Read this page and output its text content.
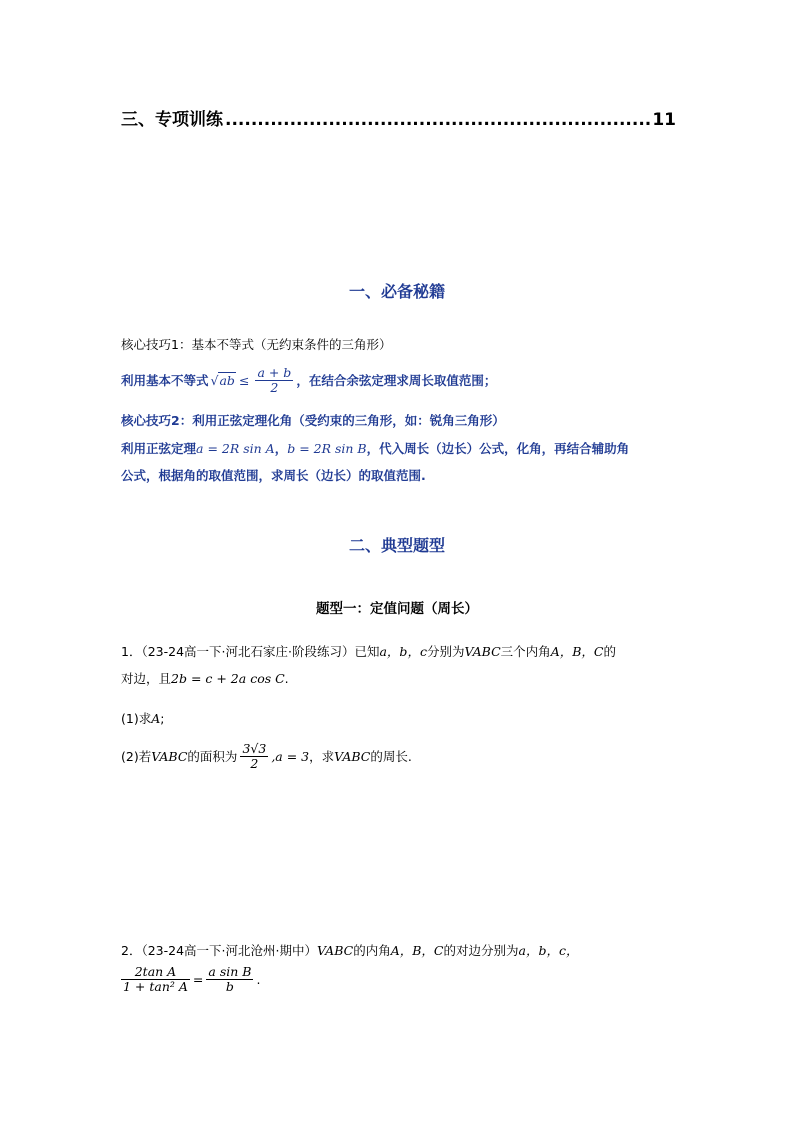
三、专项训练
.....	11
一、必备秘籍
核心技巧1：基本不等式（无约束条件的三角形）
利用基本不等式 $√ab \le \frac{a + b}{2}$ ，在结合余弦定理求周长取值范围；
核心技巧2：利用正弦定理化角（受约束的三角形，如：锐角三角形）
利用正弦定理a = 2R sin A，b = 2R sin B，代入周长（边长）公式，化角，再结合辅助角
公式，根据角的取值范围，求周长（边长）的取值范围.
二、典型题型
题型一：定值问题（周长）
1．（23-24高一下·河北石家庄·阶段练习）已知a，b，c分别为VABC三个内角A，B，C的
对边，且2b = c + 2a cos C.
(1)求A;
(2)若 VABC 的面积为 $\frac{3√3}{2} ,a = 3$ ，求 VABC 的周长.
2．（23-24高一下·河北沧州·期中）VABC的内角A，B，C的对边分别为a，b，c，
$\frac{\text{2tan A}}{\text{1 + tan² A}} = \frac{\text{a sin B}}{b}$ .
